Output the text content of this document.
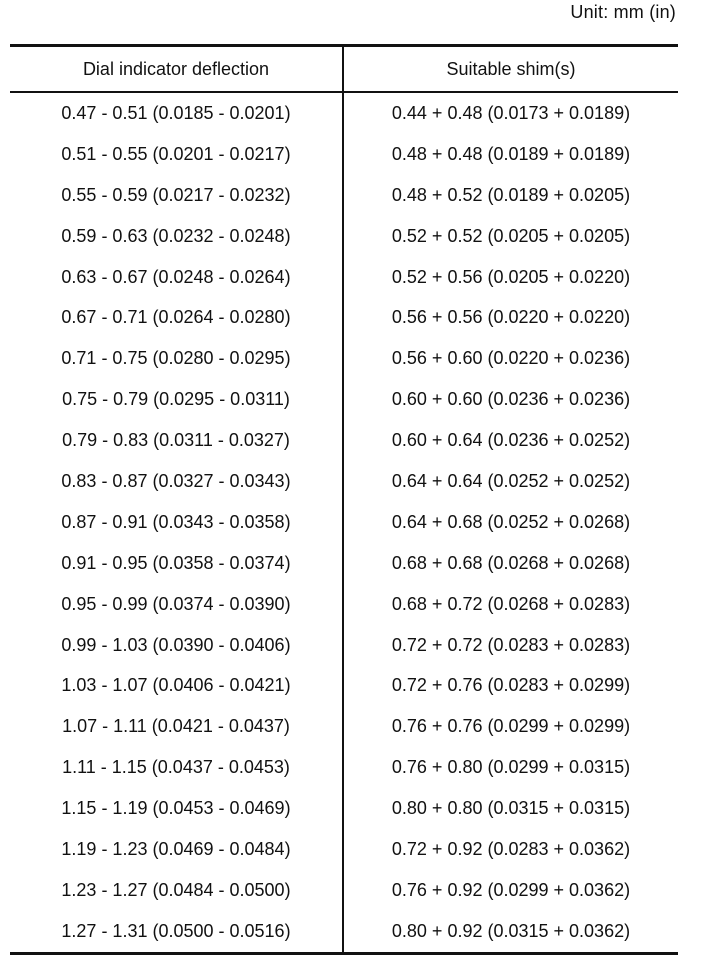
Unit: mm (in)
Dial indicator deflection	Suitable shim(s)
0.47 - 0.51 (0.0185 - 0.0201)	0.44 + 0.48 (0.0173 + 0.0189)
0.51 - 0.55 (0.0201 - 0.0217)	0.48 + 0.48 (0.0189 + 0.0189)
0.55 - 0.59 (0.0217 - 0.0232)	0.48 + 0.52 (0.0189 + 0.0205)
0.59 - 0.63 (0.0232 - 0.0248)	0.52 + 0.52 (0.0205 + 0.0205)
0.63 - 0.67 (0.0248 - 0.0264)	0.52 + 0.56 (0.0205 + 0.0220)
0.67 - 0.71 (0.0264 - 0.0280)	0.56 + 0.56 (0.0220 + 0.0220)
0.71 - 0.75 (0.0280 - 0.0295)	0.56 + 0.60 (0.0220 + 0.0236)
0.75 - 0.79 (0.0295 - 0.0311)	0.60 + 0.60 (0.0236 + 0.0236)
0.79 - 0.83 (0.0311 - 0.0327)	0.60 + 0.64 (0.0236 + 0.0252)
0.83 - 0.87 (0.0327 - 0.0343)	0.64 + 0.64 (0.0252 + 0.0252)
0.87 - 0.91 (0.0343 - 0.0358)	0.64 + 0.68 (0.0252 + 0.0268)
0.91 - 0.95 (0.0358 - 0.0374)	0.68 + 0.68 (0.0268 + 0.0268)
0.95 - 0.99 (0.0374 - 0.0390)	0.68 + 0.72 (0.0268 + 0.0283)
0.99 - 1.03 (0.0390 - 0.0406)	0.72 + 0.72 (0.0283 + 0.0283)
1.03 - 1.07 (0.0406 - 0.0421)	0.72 + 0.76 (0.0283 + 0.0299)
1.07 - 1.11 (0.0421 - 0.0437)	0.76 + 0.76 (0.0299 + 0.0299)
1.11 - 1.15 (0.0437 - 0.0453)	0.76 + 0.80 (0.0299 + 0.0315)
1.15 - 1.19 (0.0453 - 0.0469)	0.80 + 0.80 (0.0315 + 0.0315)
1.19 - 1.23 (0.0469 - 0.0484)	0.72 + 0.92 (0.0283 + 0.0362)
1.23 - 1.27 (0.0484 - 0.0500)	0.76 + 0.92 (0.0299 + 0.0362)
1.27 - 1.31 (0.0500 - 0.0516)	0.80 + 0.92 (0.0315 + 0.0362)
